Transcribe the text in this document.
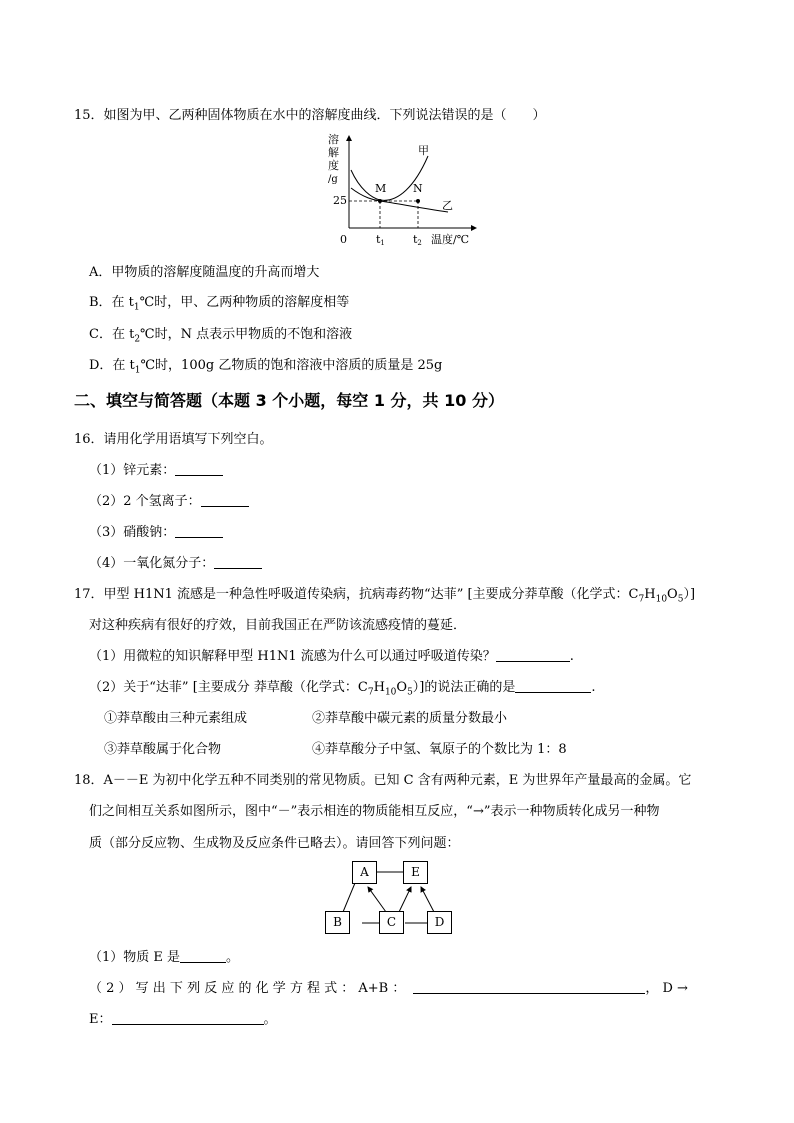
15．如图为甲、乙两种固体物质在水中的溶解度曲线．下列说法错误的是（　　）
溶
解
度
/g
甲
乙
M N
25
0	t1	t2 温度/℃
A．甲物质的溶解度随温度的升高而增大
B．在 $t_1℃$时，甲、乙两种物质的溶解度相等
C．在 $t_2℃$时，N 点表示甲物质的不饱和溶液
D．在 $t_1℃$时，100g 乙物质的饱和溶液中溶质的质量是 25g
二、填空与简答题（本题 3 个小题，每空 1 分，共 10 分）
16．请用化学用语填写下列空白。
（1）锌元素：
（2）2 个氢离子：
（3）硝酸钠：
（4）一氧化氮分子：
17．甲型 H1N1 流感是一种急性呼吸道传染病，抗病毒药物“达菲” [主要成分莽草酸（化学式：$C_7H_{10}O_5$）]
对这种疾病有很好的疗效，目前我国正在严防该流感疫情的蔓延．
（1）用微粒的知识解释甲型 H1N1 流感为什么可以通过呼吸道传染？	.
（2）关于“达菲” [主要成分 莽草酸（化学式：$C_7H_{10}O_5$）]的说法正确的是	.
①莽草酸由三种元素组成	②莽草酸中碳元素的质量分数最小
③莽草酸属于化合物	④莽草酸分子中氢、氧原子的个数比为 1：8
18．A－－E 为初中化学五种不同类别的常见物质。已知 C 含有两种元素，E 为世界年产量最高的金属。它
们之间相互关系如图所示，图中“－”表示相连的物质能相互反应，“→”表示一种物质转化成另一种物
质（部分反应物、生成物及反应条件已略去）。请回答下列问题：
A	E
B	C	D
（1）物质 E 是	。
（ 2 ） 写 出 下 列 反 应 的 化 学 方 程 式 ： A+B ：	， D →
E：	。
